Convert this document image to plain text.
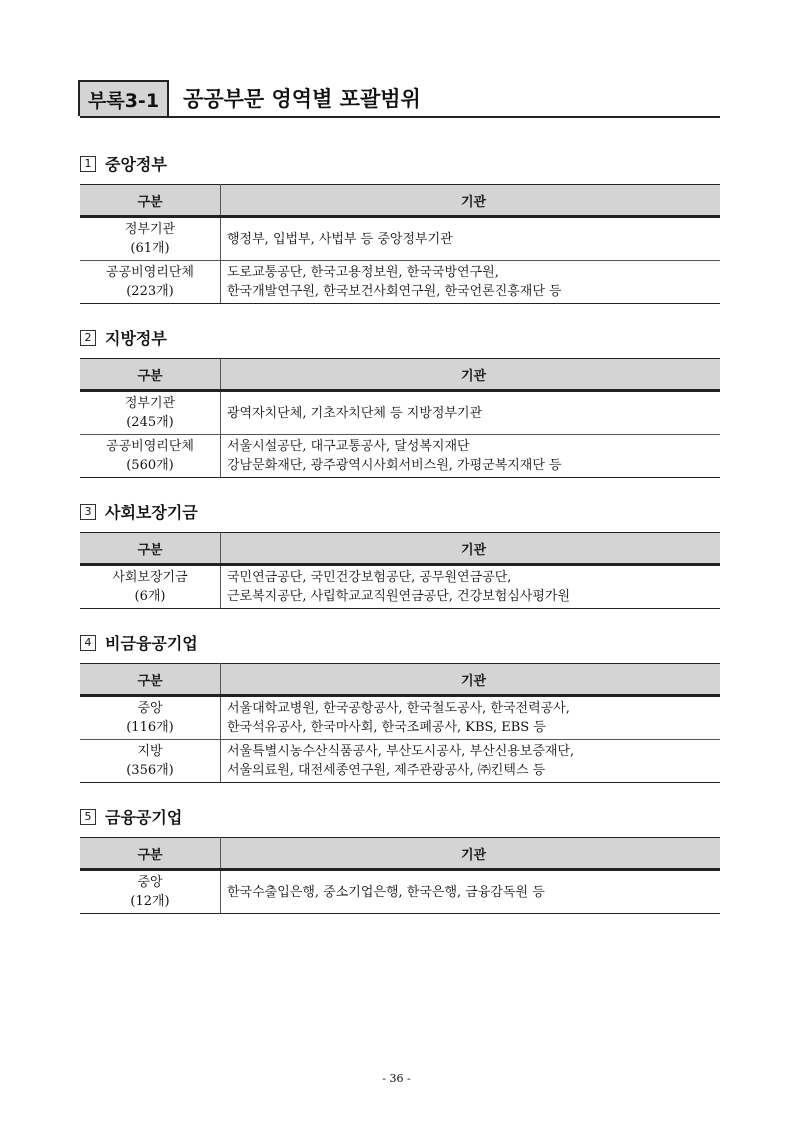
부록3-1	공공부문 영역별 포괄범위
1 중앙정부
구분	기관

정부기관
(61개)	행정부, 입법부, 사법부 등 중앙정부기관

공공비영리단체
(223개)	도로교통공단, 한국고용정보원, 한국국방연구원,
한국개발연구원, 한국보건사회연구원, 한국언론진흥재단 등
2 지방정부
구분	기관

정부기관
(245개)	광역자치단체, 기초자치단체 등 지방정부기관

공공비영리단체
(560개)	서울시설공단, 대구교통공사, 달성복지재단
강남문화재단, 광주광역시사회서비스원, 가평군복지재단 등
3 사회보장기금
구분	기관

사회보장기금
(6개)	국민연금공단, 국민건강보험공단, 공무원연금공단,
근로복지공단, 사립학교교직원연금공단, 건강보험심사평가원
4 비금융공기업
구분	기관

중앙
(116개)	서울대학교병원, 한국공항공사, 한국철도공사, 한국전력공사,
한국석유공사, 한국마사회, 한국조폐공사, KBS, EBS 등

지방
(356개)	서울특별시농수산식품공사, 부산도시공사, 부산신용보증재단,
서울의료원, 대전세종연구원, 제주관광공사, ㈜킨텍스 등
5 금융공기업
구분	기관

중앙
(12개)	한국수출입은행, 중소기업은행, 한국은행, 금융감독원 등
- 36 -
